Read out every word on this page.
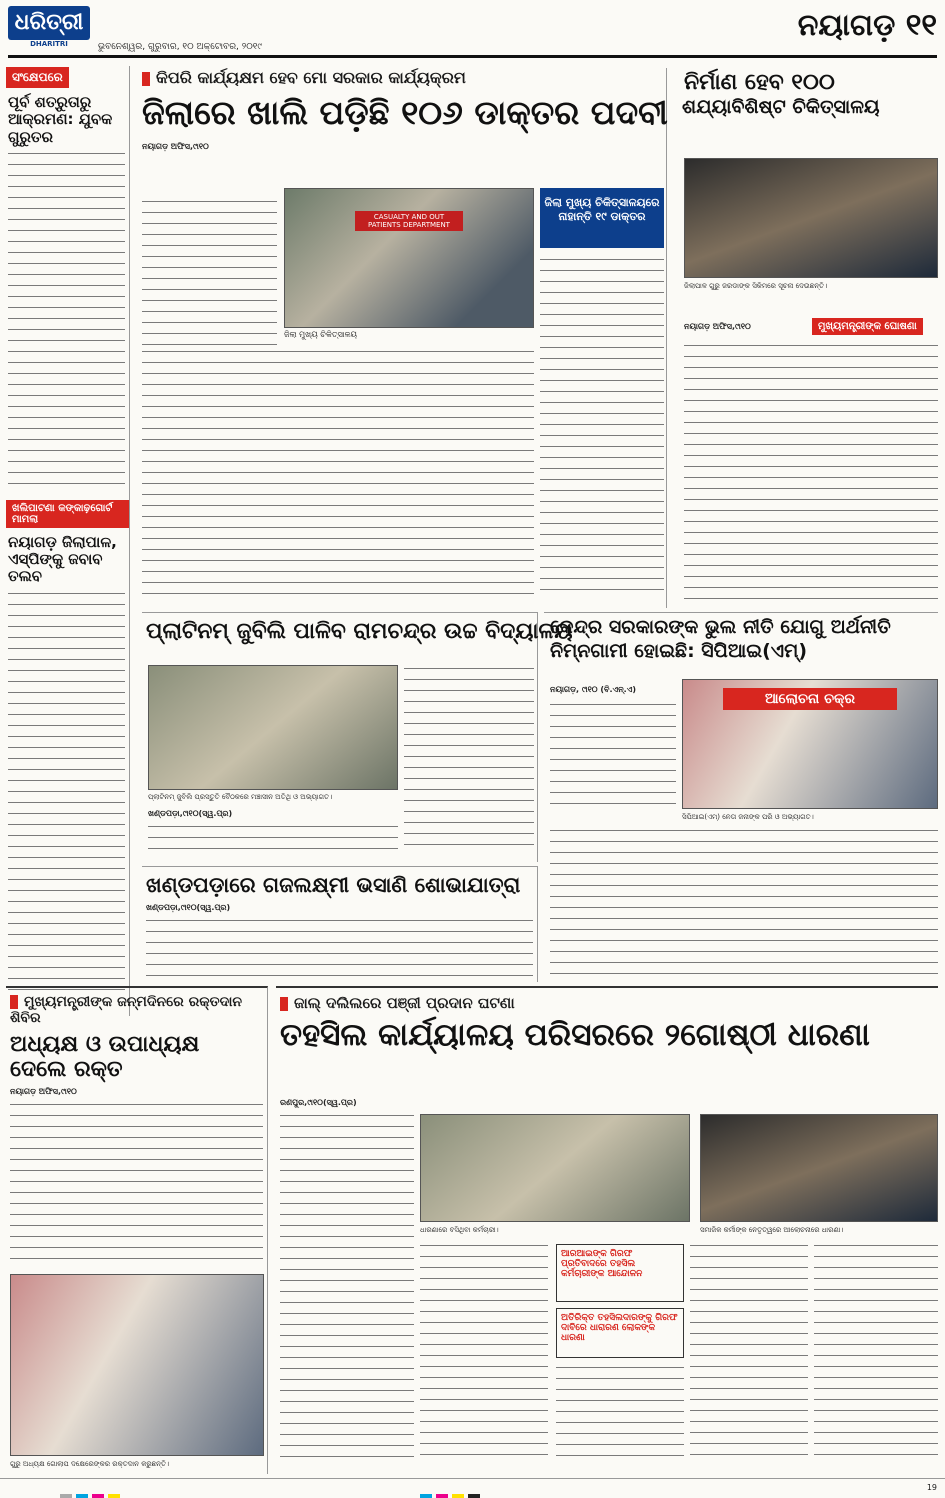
ଧରିତ୍ରୀ
DHARITRI	ଭୁବନେଶ୍ୱର, ଗୁରୁବାର, ୧୦ ଅକ୍ଟୋବର, ୨୦୧୯
ନୟାଗଡ଼ ୧୧
ସଂକ୍ଷେପରେ
ପୂର୍ବ ଶତ୍ରୁତାରୁ ଆକ୍ରମଣ: ଯୁବକ ଗୁରୁତର
ଖଲିପାଟଣା କଙ୍କାଢ଼ଗୋର୍ଟ ମାମଲା
ନୟାଗଡ଼ ଜିଲାପାଳ, ଏସ୍ପିଙ୍କୁ ଜବାବ ତଲବ
କିପରି କାର୍ଯ୍ୟକ୍ଷମ ହେବ ମୋ ସରକାର କାର୍ଯ୍ୟକ୍ରମ
ଜିଲାରେ ଖାଲି ପଡ଼ିଛି ୧୦୬ ଡାକ୍ତର ପଦବୀ
ନୟାଗଡ଼ ଅଫିସ,୯ା୧୦
CASUALTY AND OUT PATIENTS DEPARTMENT
ଜିଲା ମୁଖ୍ୟ ଚିକିତ୍ସାଳୟ
ଜିଲା ମୁଖ୍ୟ ଚିକିତ୍ସାଳୟରେ ନାହାନ୍ତି ୧୯ ଡାକ୍ତର
ନିର୍ମାଣ ହେବ ୧୦୦
ଶଯ୍ୟାବିଶିଷ୍ଟ ଚିକିତ୍ସାଳୟ
ଜିଲାପାଳ ଗୁରୁ ଜରଡାଙ୍କ ସିକିମରେ ସୂଚନା ଦେଉଛନ୍ତି।
ନୟାଗଡ଼ ଅଫିସ,୯ା୧୦	ମୁଖ୍ୟମନ୍ତ୍ରୀଙ୍କ ଘୋଷଣା
ପ୍ଲାଟିନମ୍ ଜୁବିଲି ପାଳିବ ରାମଚନ୍ଦ୍ର ଉଚ୍ଚ ବିଦ୍ୟାଳୟ
ପ୍ଲାଟିନମ୍ ଜୁବିଲି ପ୍ରସ୍ତୁତି ବୈଠକରେ ମଞ୍ଚାସୀନ ଅତିଥି ଓ ଅଭ୍ୟାଗତ।
ଖଣ୍ଡପଡ଼ା,୯ା୧୦(ସ୍ୱ.ପ୍ର)
କେନ୍ଦ୍ର ସରକାରଙ୍କ ଭୁଲ ନୀତି ଯୋଗୁ ଅର୍ଥନୀତି
ନିମ୍ନଗାମୀ ହୋଇଛି: ସିପିଆଇ(ଏମ୍)
ନୟାଗଡ଼, ୯ା୧୦ (ବି.ଏନ୍.ଏ)
ଆଲୋଚନା ଚକ୍ର
ସିପିଆଇ(ଏମ୍) ନେତା ଜନାଙ୍କ ପରି ଓ ଅଭ୍ୟାଗତ।
ଖଣ୍ଡପଡ଼ାରେ ଗଜଲକ୍ଷ୍ମୀ ଭସାଣି ଶୋଭାଯାତ୍ରା
ଖଣ୍ଡପଡ଼ା,୯ା୧୦(ସ୍ୱ.ପ୍ର)
ମୁଖ୍ୟମନ୍ତ୍ରୀଙ୍କ ଜନ୍ମଦିନରେ ରକ୍ତଦାନ ଶିବିର
ଅଧ୍ୟକ୍ଷ ଓ ଉପାଧ୍ୟକ୍ଷ ଦେଲେ ରକ୍ତ
ନୟାଗଡ଼ ଅଫିସ,୯ା୧୦
ଗୁରୁ ଅଧ୍ୟକ୍ଷ ଗୋଲାପ ଦକ୍ଷେରେଙ୍କର ରକ୍ତଦାନ କରୁଛନ୍ତି।
ଜାଲ୍ ଦଲିଲରେ ପଞ୍ଜୀ ପ୍ରଦାନ ଘଟଣା
ତହସିଲ କାର୍ଯ୍ୟାଳୟ ପରିସରରେ ୨ଗୋଷ୍ଠୀ ଧାରଣା
ରଣପୁର,୯ା୧୦(ସ୍ୱ.ପ୍ର)
ଧାରଣାରେ ବସିଥିବା କର୍ମଚାରୀ।	ସମାଜିକ କର୍ମୀଙ୍କ ନେତୃତ୍ୱରେ ଅୀଲୋଚନାରେ ଧାରଣା।
ଆରଆଇଙ୍କ ଗିରଫ ପ୍ରତିବାଦରେ ତହସିଲ କର୍ମଚାରୀଙ୍କ ଆନ୍ଦୋଳନ
ଅତିରିକ୍ତ ତହସିଲଦାରଙ୍କୁ ଗିରଫ ଦାବିରେ ଧାରାରଣ ଲୋକଙ୍କ ଧାରଣା
19
